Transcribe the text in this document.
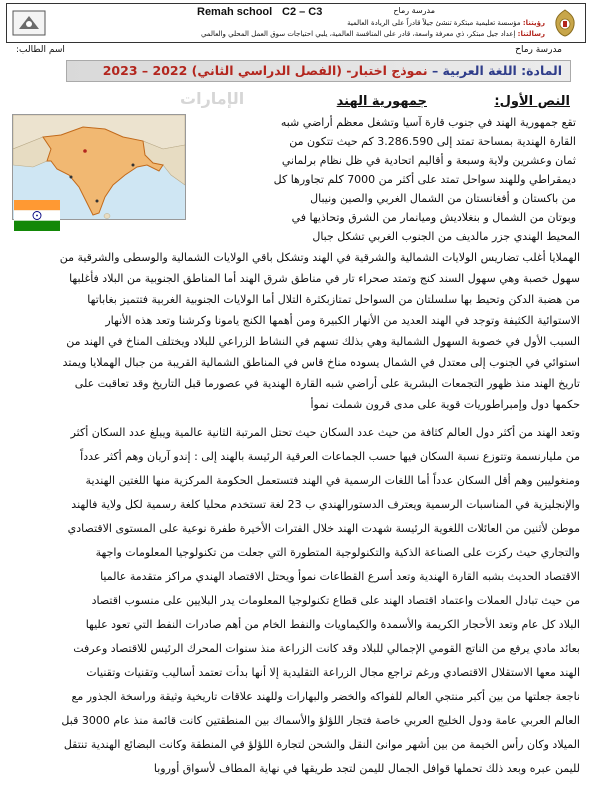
Remah school C2 – C3	مدرسة رماح
رؤيتنا: مؤسسة تعليمية مبتكرة تنشئ جيلاً قادراً على الريادة العالمية
رسالتنا: إعداد جيل مبتكر، ذي معرفة واسعة، قادر على المنافسة العالمية، يلبي احتياجات سوق العمل المحلي والعالمي
مدرسة رماح
اسم الطالب:
المادة: اللغة العربية – نموذج اختبار- (الفصل الدراسي الثاني) 2022 – 2023
الإمارات	النص الأول:
جمهورية الهند
تقع جمهورية الهند في جنوب قارة آسيا وتشغل معظم أراضي شبه
القارة الهندية بمساحة تمتد إلى 3.286.590 كم حيث تتكون من
ثمان وعشرين ولاية وسبعة و أقاليم اتحادية في ظل نظام برلماني
ديمقراطي وللهند سواحل تمتد على أكثر من 7000 كلم تجاورها كل
من باكستان و أفغانستان من الشمال الغربي والصين ونيبال
وبوتان من الشمال و بنغلاديش وميانمار من الشرق وتحاذيها في
المحيط الهندي جزر مالديف من الجنوب الغربي تشكل جبال
الهملايا أغلب تضاريس الولايات الشمالية والشرقية في الهند وتشكل باقي الولايات الشمالية والوسطى والشرقية من
سهول خصبة وهي سهول السند كنج وتمتد صحراء تار في مناطق شرق الهند أما المناطق الجنوبية من البلاد فأغلبها
من هضبة الدكن وتحيط بها سلسلتان من السواحل تمتازبكثرة التلال أما الولايات الجنوبية الغربية فتتميز بغاباتها
الاستوائية الكثيفة وتوجد في الهند العديد من الأنهار الكبيرة ومن أهمها الكنج يامونا وكرشنا وتعد هذه الأنهار
السبب الأول في خصوبة السهول الشمالية وهي بذلك تسهم في النشاط الزراعي للبلاد ويختلف المناخ في الهند من
استوائي في الجنوب إلى معتدل في الشمال يسوده مناخ قاس في المناطق الشمالية القريبة من جبال الهملايا ويمتد
تاريخ الهند منذ ظهور التجمعات البشرية على أراضي شبه القارة الهندية في عصورما قبل التاريخ وقد تعاقبت على
حكمها دول وإمبراطوريات قوية على مدى قرون شملت نموأ
وتعد الهند من أكثر دول العالم كثافة من حيث عدد السكان حيث تحتل المرتبة الثانية عالمية ويبلغ عدد السكان أكثر
من مليارنسمة وتتوزع نسبة السكان فيها حسب الجماعات العرقية الرئيسة بالهند إلى : إندو آريان وهم أكثر عدداً
ومنغوليين وهم أقل السكان عدداً أما اللغات الرسمية في الهند فتستعمل الحكومة المركزية منها اللغتين الهندية
والإنجليزية في المناسبات الرسمية ويعترف الدستورالهندي ب 23 لغة تستخدم محليا كلغة رسمية لكل ولاية فالهند
موطن لأثنين من العائلات اللغوية الرئيسة شهدت الهند خلال الفترات الأخيرة طفرة نوعية على المستوى الاقتصادي
والتجاري حيث ركزت على الصناعة الذكية والتكنولوجية المتطورة التي جعلت من تكنولوجيا المعلومات واجهة
الاقتصاد الحديث بشبه القارة الهندية وتعد أسرع القطاعات نموأ ويحتل الاقتصاد الهندي مراكز متقدمة عالميا
من حيث تبادل العملات واعتماد اقتصاد الهند على قطاع تكنولوجيا المعلومات يدر البلايين على منسوب اقتصاد
البلاد كل عام وتعد الأحجار الكريمة والأسمدة والكيماويات والنفط الخام من أهم صادرات النفط التي تعود عليها
بعائد مادي يرفع من الناتج القومي الإجمالي للبلاد وقد كانت الزراعة منذ سنوات المحرك الرئيس للاقتصاد وعرفت
الهند معها الاستقلال الاقتصادي ورغم تراجع مجال الزراعة التقليدية إلا أنها بدأت تعتمد أساليب وتقنيات وتقنيات
ناجعة جعلتها من بين أكبر منتجي العالم للفواكه والخضر والبهارات وللهند علاقات تاريخية وثيقة وراسخة الجذور مع
العالم العربي عامة ودول الخليج العربي خاصة فتجار اللؤلؤ والأسماك بين المنطقتين كانت قائمة منذ عام 3000 قبل
الميلاد وكان رأس الخيمة من بين أشهر موانئ النقل والشحن لتجارة اللؤلؤ في المنطقة وكانت البضائع الهندية تنتقل
لليمن عبره وبعد ذلك تحملها قوافل الجمال لليمن لتجد طريقها في نهاية المطاف لأسواق أوروبا
